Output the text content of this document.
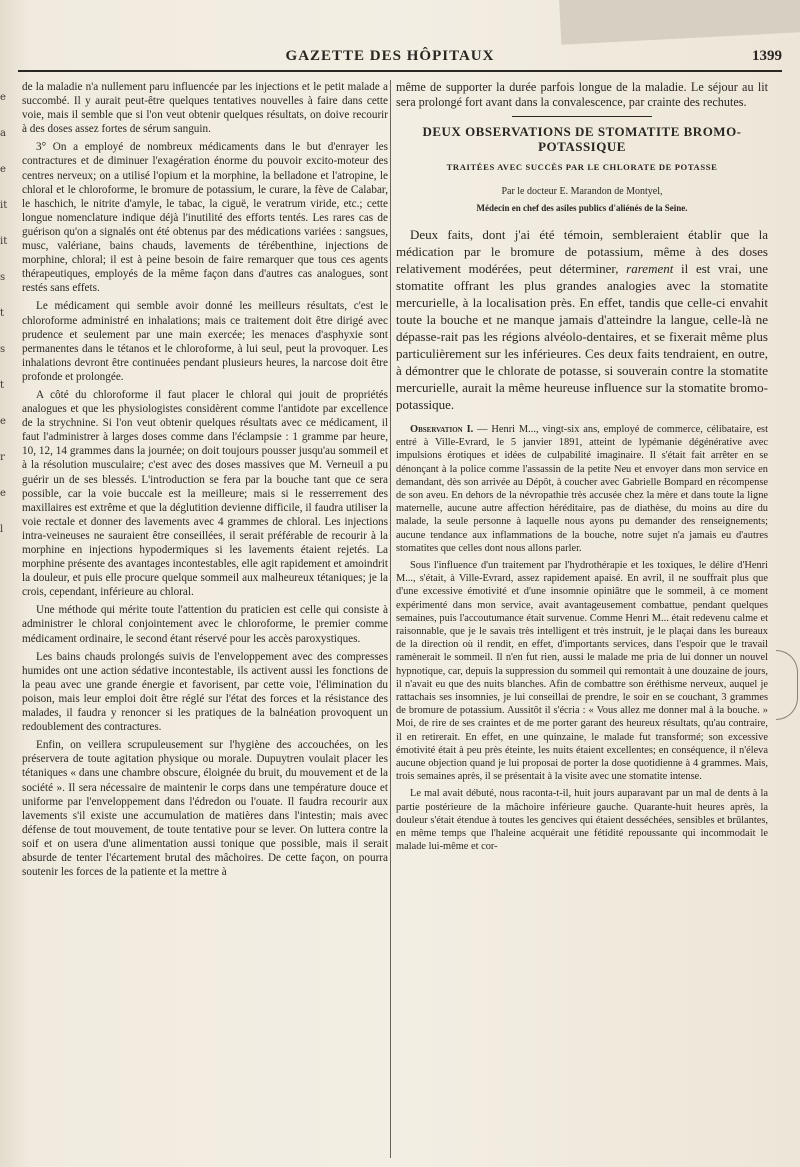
GAZETTE DES HÔPITAUX	1399
e
a
e
it
it
s
t
s
t
e
r
e
l

de la maladie n'a nullement paru influencée par les injections et le petit malade a succombé. Il y aurait peut-être quelques tentatives nouvelles à faire dans cette voie, mais il semble que si l'on veut obtenir quelques résultats, on doive recourir à des doses assez fortes de sérum sanguin.

3° On a employé de nombreux médicaments dans le but d'enrayer les contractures et de diminuer l'exagération énorme du pouvoir excito-moteur des centres nerveux; on a utilisé l'opium et la morphine, la belladone et l'atropine, le chloral et le chloroforme, le bromure de potassium, le curare, la fève de Calabar, le haschich, le nitrite d'amyle, le tabac, la ciguë, le veratrum viride, etc.; cette longue nomenclature indique déjà l'inutilité des efforts tentés. Les rares cas de guérison qu'on a signalés ont été obtenus par des médications variées : sangsues, musc, valériane, bains chauds, lavements de térébenthine, injections de morphine, chloral; il est à peine besoin de faire remarquer que tous ces agents thérapeutiques, employés de la même façon dans d'autres cas analogues, sont restés sans effets.

Le médicament qui semble avoir donné les meilleurs résultats, c'est le chloroforme administré en inhalations; mais ce traitement doit être dirigé avec prudence et seulement par une main exercée; les menaces d'asphyxie sont permanentes dans le tétanos et le chloroforme, à lui seul, peut la provoquer. Les inhalations devront être continuées pendant plusieurs heures, la narcose doit être profonde et prolongée.

A côté du chloroforme il faut placer le chloral qui jouit de propriétés analogues et que les physiologistes considèrent comme l'antidote par excellence de la strychnine. Si l'on veut obtenir quelques résultats avec ce médicament, il faut l'administrer à larges doses comme dans l'éclampsie : 1 gramme par heure, 10, 12, 14 grammes dans la journée; on doit toujours pousser jusqu'au sommeil et à la résolution musculaire; c'est avec des doses massives que M. Verneuil a pu guérir un de ses blessés. L'introduction se fera par la bouche tant que ce sera possible, car la voie buccale est la meilleure; mais si le resserrement des maxillaires est extrême et que la déglutition devienne difficile, il faudra utiliser la voie rectale et donner des lavements avec 4 grammes de chloral. Les injections intra-veineuses ne sauraient être conseillées, il serait préférable de recourir à la morphine en injections hypodermiques si les lavements étaient rejetés. La morphine présente des avantages incontestables, elle agit rapidement et amoindrit la douleur, et puis elle procure quelque sommeil aux malheureux tétaniques; je la crois, cependant, inférieure au chloral.

Une méthode qui mérite toute l'attention du praticien est celle qui consiste à administrer le chloral conjointement avec le chloroforme, le premier comme médicament ordinaire, le second étant réservé pour les accès paroxystiques.

Les bains chauds prolongés suivis de l'enveloppement avec des compresses humides ont une action sédative incontestable, ils activent aussi les fonctions de la peau avec une grande énergie et favorisent, par cette voie, l'élimination du poison, mais leur emploi doit être réglé sur l'état des forces et la résistance des malades, il faudra y renoncer si les pratiques de la balnéation provoquent un redoublement des contractures.

Enfin, on veillera scrupuleusement sur l'hygiène des accouchées, on les préservera de toute agitation physique ou morale. Dupuytren voulait placer les tétaniques « dans une chambre obscure, éloignée du bruit, du mouvement et de la société ». Il sera nécessaire de maintenir le corps dans une température douce et uniforme par l'enveloppement dans l'édredon ou l'ouate. Il faudra recourir aux lavements s'il existe une accumulation de matières dans l'intestin; mais avec défense de tout mouvement, de toute tentative pour se lever. On luttera contre la soif et on usera d'une alimentation aussi tonique que possible, mais il serait absurde de tenter l'écartement brutal des mâchoires. De cette façon, on pourra soutenir les forces de la patiente et la mettre à

même de supporter la durée parfois longue de la maladie. Le séjour au lit sera prolongé fort avant dans la convalescence, par crainte des rechutes.

DEUX OBSERVATIONS DE STOMATITE BROMO-POTASSIQUE
TRAITÉES AVEC SUCCÈS PAR LE CHLORATE DE POTASSE
Par le docteur E. Marandon de Montyel,
Médecin en chef des asiles publics d'aliénés de la Seine.

Deux faits, dont j'ai été témoin, sembleraient établir que la médication par le bromure de potassium, même à des doses relativement modérées, peut déterminer, rarement il est vrai, une stomatite offrant les plus grandes analogies avec la stomatite mercurielle, à la localisation près. En effet, tandis que celle-ci envahit toute la bouche et ne manque jamais d'atteindre la langue, celle-là ne dépasse-rait pas les régions alvéolo-dentaires, et se fixerait même plus particulièrement sur les inférieures. Ces deux faits tendraient, en outre, à démontrer que le chlorate de potasse, si souverain contre la stomatite mercurielle, aurait la même heureuse influence sur la stomatite bromo-potassique.

Observation I. — Henri M..., vingt-six ans, employé de commerce, célibataire, est entré à Ville-Evrard, le 5 janvier 1891, atteint de lypémanie dégénérative avec impulsions érotiques et idées de culpabilité imaginaire. Il s'était fait arrêter en se dénonçant à la police comme l'assassin de la petite Neu et envoyer dans mon service en demandant, dès son arrivée au Dépôt, à coucher avec Gabrielle Bompard en récompense de son aveu. En dehors de la névropathie très accusée chez la mère et dans toute la ligne maternelle, aucune autre affection héréditaire, pas de diathèse, du moins au dire du malade, la seule personne à laquelle nous ayons pu demander des renseignements; aucune tendance aux inflammations de la bouche, notre sujet n'a jamais eu d'autres stomatites que celles dont nous allons parler.

Sous l'influence d'un traitement par l'hydrothérapie et les toxiques, le délire d'Henri M..., s'était, à Ville-Evrard, assez rapidement apaisé. En avril, il ne souffrait plus que d'une excessive émotivité et d'une insomnie opiniâtre que le sommeil, à ce moment expérimenté dans mon service, avait avantageusement combattue, pendant quelques semaines, puis l'accoutumance était survenue. Comme Henri M... était redevenu calme et raisonnable, que je le savais très intelligent et très instruit, je le plaçai dans les bureaux de la direction où il rendit, en effet, d'importants services, dans l'espoir que le travail ramènerait le sommeil. Il n'en fut rien, aussi le malade me pria de lui donner un nouvel hypnotique, car, depuis la suppression du sommeil qui remontait à une douzaine de jours, il n'avait eu que des nuits blanches. Afin de combattre son éréthisme nerveux, auquel je rattachais ses insomnies, je lui conseillai de prendre, le soir en se couchant, 3 grammes de bromure de potassium. Aussitôt il s'écria : « Vous allez me donner mal à la bouche. » Moi, de rire de ses craintes et de me porter garant des heureux résultats, qu'au contraire, il en retirerait. En effet, en une quinzaine, le malade fut transformé; son excessive émotivité était à peu près éteinte, les nuits étaient excellentes; en conséquence, il n'éleva aucune objection quand je lui proposai de porter la dose quotidienne à 4 grammes. Mais, trois semaines après, il se présentait à la visite avec une stomatite intense.

Le mal avait débuté, nous raconta-t-il, huit jours auparavant par un mal de dents à la partie postérieure de la mâchoire inférieure gauche. Quarante-huit heures après, la douleur s'était étendue à toutes les gencives qui étaient desséchées, sensibles et brûlantes, en même temps que l'haleine acquérait une fétidité repoussante qui incommodait le malade lui-même et cor-
